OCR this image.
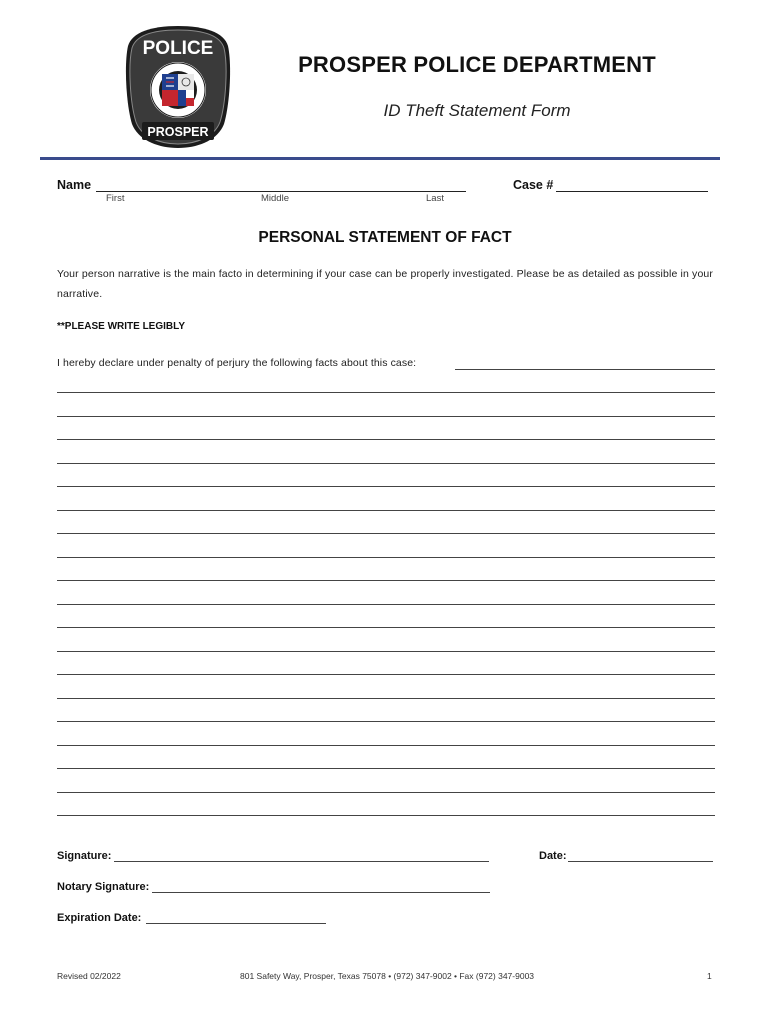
POLICE
PROSPER
PROSPER POLICE DEPARTMENT
ID Theft Statement Form
Name
First	Middle	Last
Case #
PERSONAL STATEMENT OF FACT
Your person narrative is the main facto in determining if your case can be properly investigated. Please be as detailed as possible in your narrative.
**PLEASE WRITE LEGIBLY
I hereby declare under penalty of perjury the following facts about this case:
Signature:	Date:
Notary Signature:
Expiration Date:
Revised 02/2022	801 Safety Way, Prosper, Texas 75078 • (972) 347-9002 • Fax (972) 347-9003	1
